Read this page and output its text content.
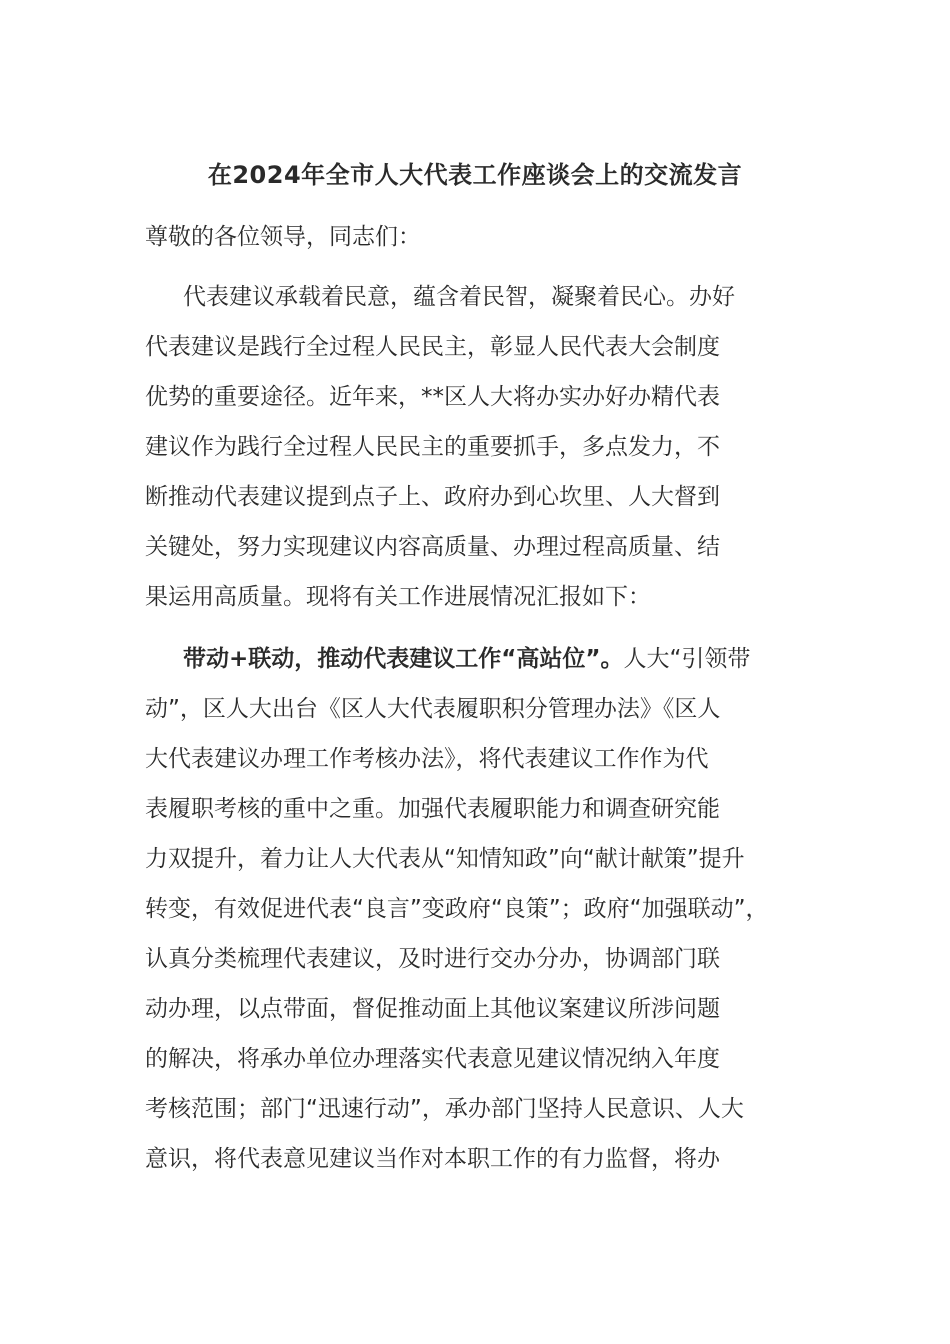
在2024年全市人大代表工作座谈会上的交流发言
尊敬的各位领导，同志们：
代表建议承载着民意，蕴含着民智，凝聚着民心。办好
代表建议是践行全过程人民民主，彰显人民代表大会制度
优势的重要途径。近年来，**区人大将办实办好办精代表
建议作为践行全过程人民民主的重要抓手，多点发力，不
断推动代表建议提到点子上、政府办到心坎里、人大督到
关键处，努力实现建议内容高质量、办理过程高质量、结
果运用高质量。现将有关工作进展情况汇报如下：
带动+联动，推动代表建议工作“高站位”。人大“引领带
动”，区人大出台《区人大代表履职积分管理办法》《区人
大代表建议办理工作考核办法》，将代表建议工作作为代
表履职考核的重中之重。加强代表履职能力和调查研究能
力双提升，着力让人大代表从“知情知政”向“献计献策”提升
转变，有效促进代表“良言”变政府“良策”；政府“加强联动”，
认真分类梳理代表建议，及时进行交办分办，协调部门联
动办理，以点带面，督促推动面上其他议案建议所涉问题
的解决，将承办单位办理落实代表意见建议情况纳入年度
考核范围；部门“迅速行动”，承办部门坚持人民意识、人大
意识，将代表意见建议当作对本职工作的有力监督，将办
